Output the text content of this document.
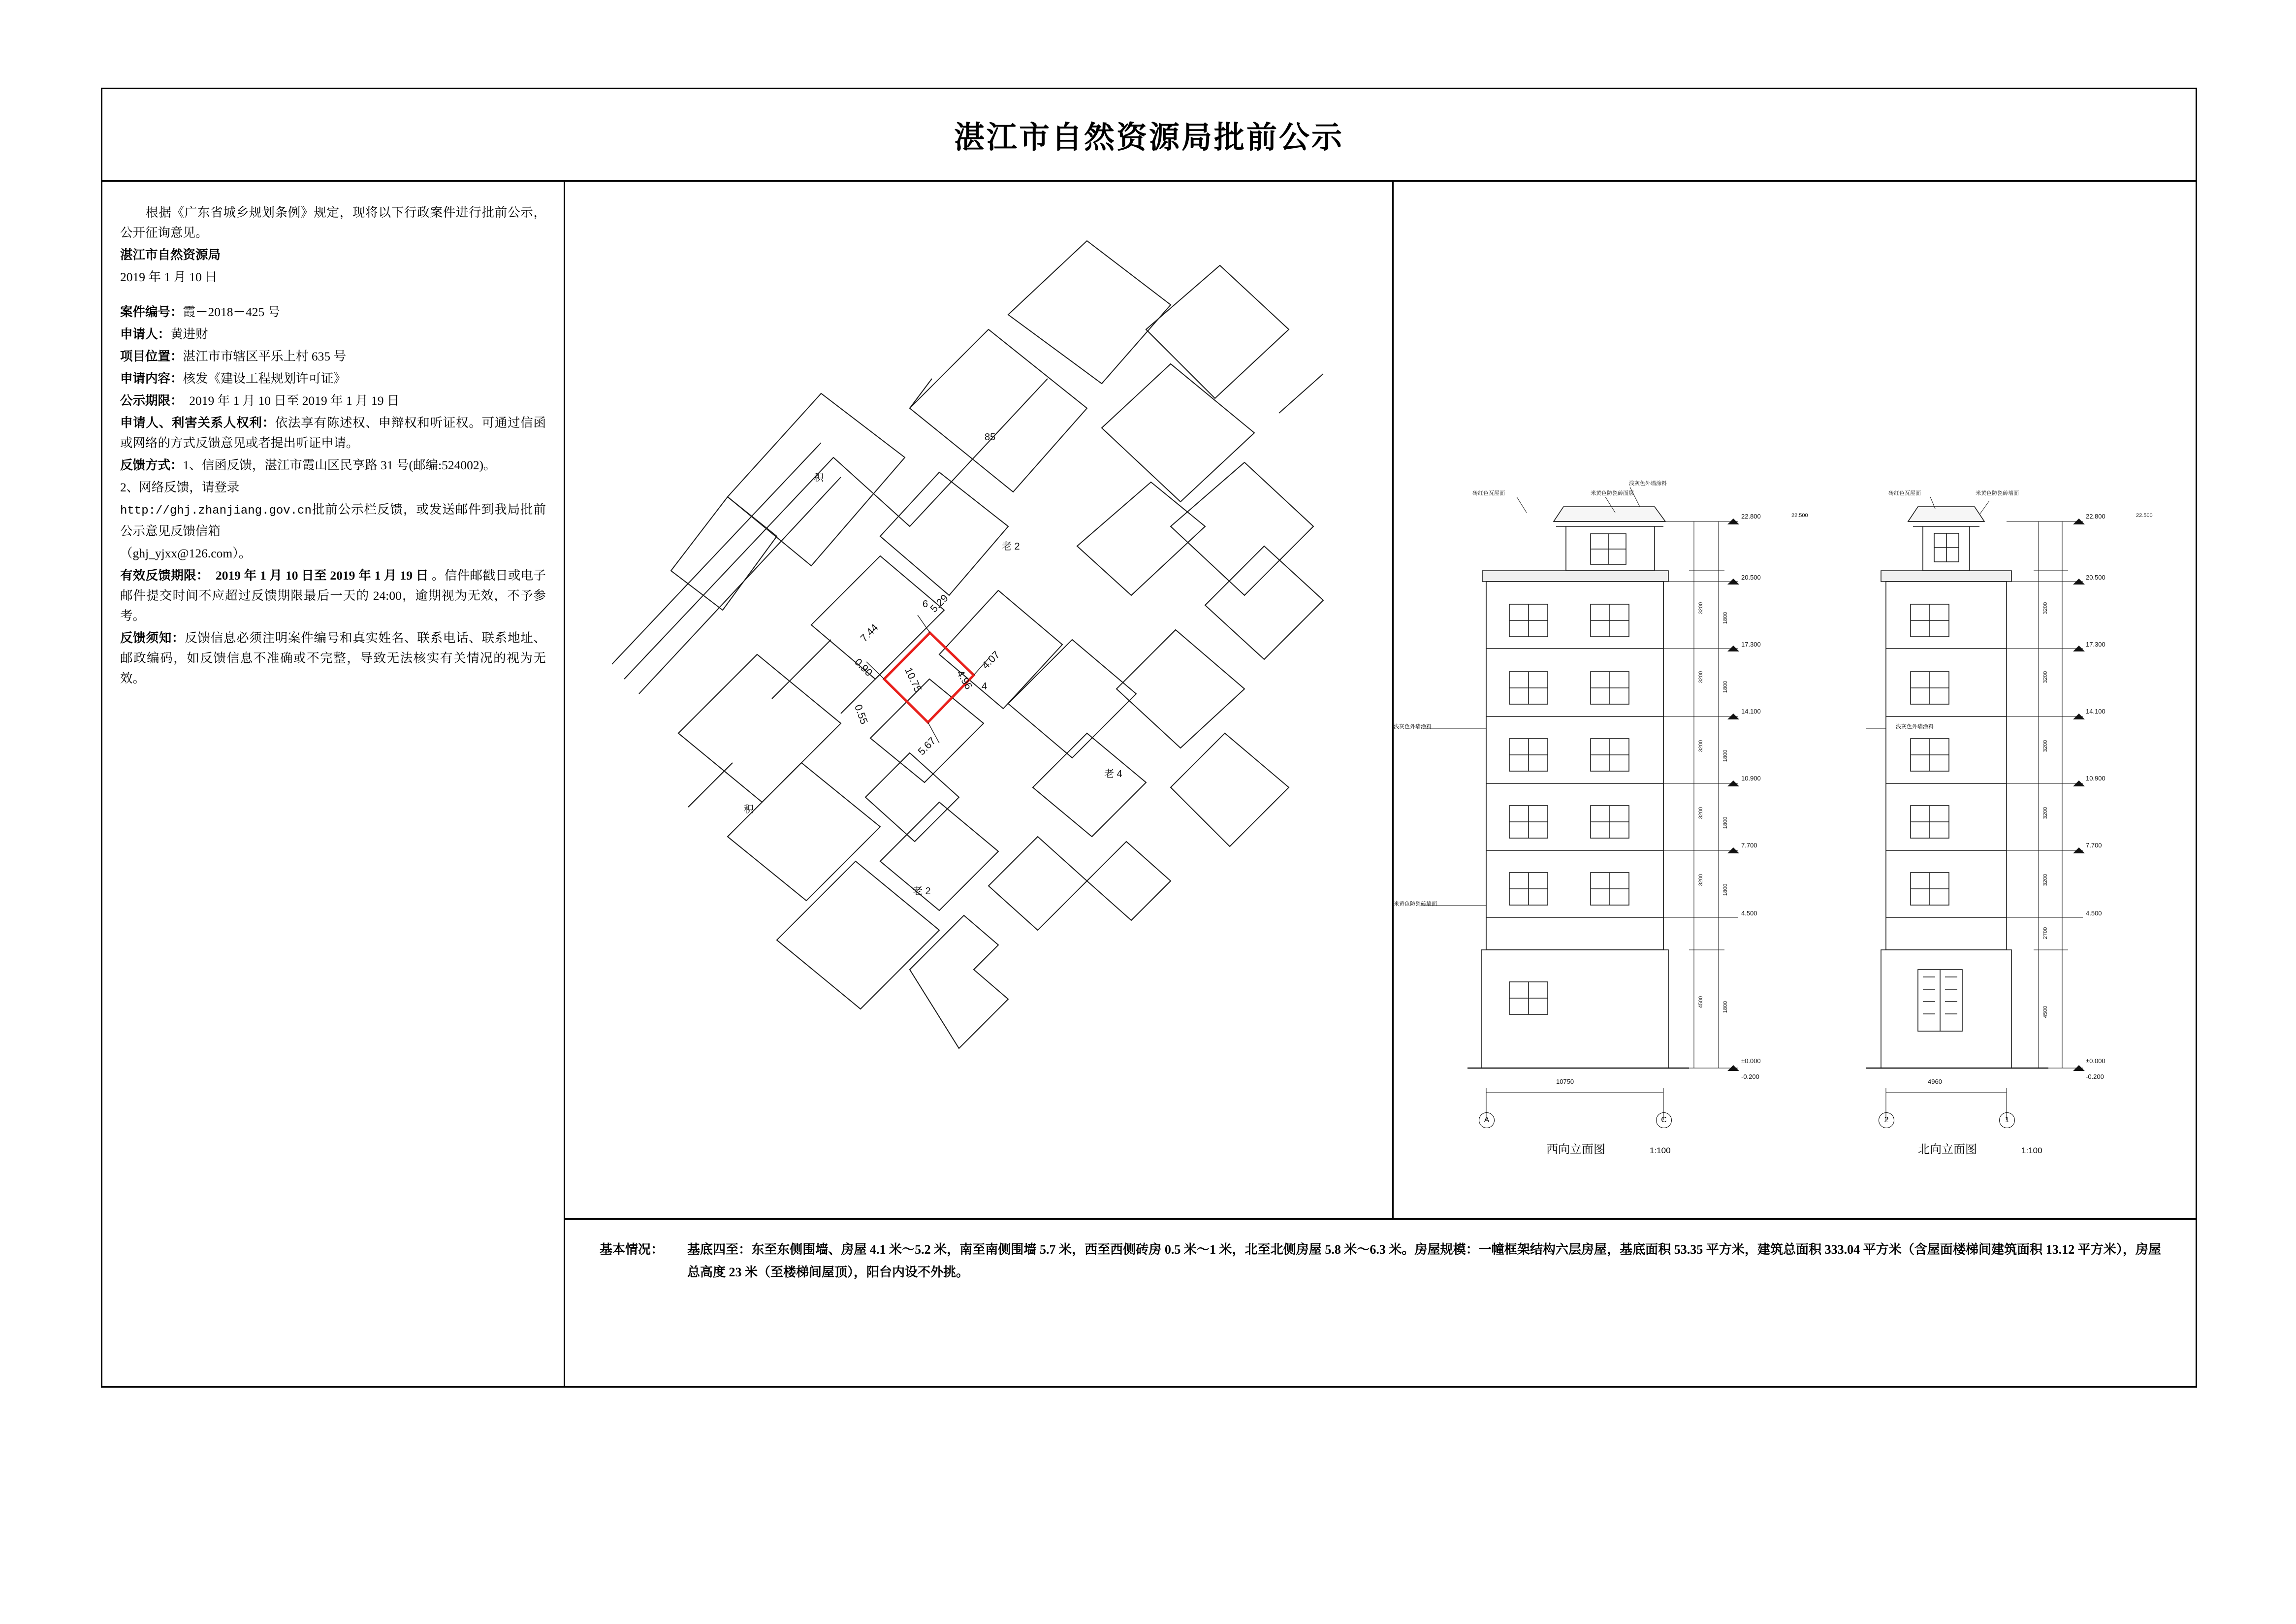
湛江市自然资源局批前公示

根据《广东省城乡规划条例》规定，现将以下行政案件进行批前公示，公开征询意见。

湛江市自然资源局

2019 年 1 月 10 日

案件编号：霞－2018－425 号

申请人：黄进财

项目位置：湛江市市辖区平乐上村 635 号

申请内容：核发《建设工程规划许可证》

公示期限： 2019 年 1 月 10 日至 2019 年 1 月 19 日

申请人、利害关系人权利：依法享有陈述权、申辩权和听证权。可通过信函或网络的方式反馈意见或者提出听证申请。

反馈方式：1、信函反馈，湛江市霞山区民享路 31 号(邮编:524002)。

2、网络反馈，请登录

http://ghj.zhanjiang.gov.cn批前公示栏反馈，或发送邮件到我局批前公示意见反馈信箱

（ghj_yjxx@126.com）。

有效反馈期限： 2019 年 1 月 10 日至 2019 年 1 月 19 日 。信件邮戳日或电子邮件提交时间不应超过反馈期限最后一天的 24:00，逾期视为无效，不予参考。

反馈须知：反馈信息必须注明案件编号和真实姓名、联系电话、联系地址、邮政编码，如反馈信息不准确或不完整，导致无法核实有关情况的视为无效。

积
85
4
6
老 2
老 2
老 4
积
7.44
5.29
0.90	10.75	4.96
4.07
0.55
5.67
砖红色瓦屋面	米黄色防瓷砖面层
浅灰色外墙涂料
浅灰色外墙涂料
米黄色防瓷砖墙面
22.800
20.500
17.300
14.100
10.900
7.700
4.500
±0.000
-0.200
22.500
3200
3200
3200
3200
3200
4500
1800
1800
1800
1800
1800
1800
10750
A	C
西向立面图	1:100
砖红色瓦屋面	米黄色防瓷砖墙面
浅灰色外墙涂料
22.800
20.500
17.300
14.100
10.900
7.700
4.500
±0.000
-0.200
22.500
3200
3200
3200
3200
3200
2700
4500
4960
2	1
北向立面图	1:100
基本情况：	基底四至：东至东侧围墙、房屋 4.1 米～5.2 米，南至南侧围墙 5.7 米，西至西侧砖房 0.5 米～1 米，北至北侧房屋 5.8 米～6.3 米。房屋规模：一幢框架结构六层房屋，基底面积 53.35 平方米，建筑总面积 333.04 平方米（含屋面楼梯间建筑面积 13.12 平方米），房屋总高度 23 米（至楼梯间屋顶），阳台内设不外挑。
